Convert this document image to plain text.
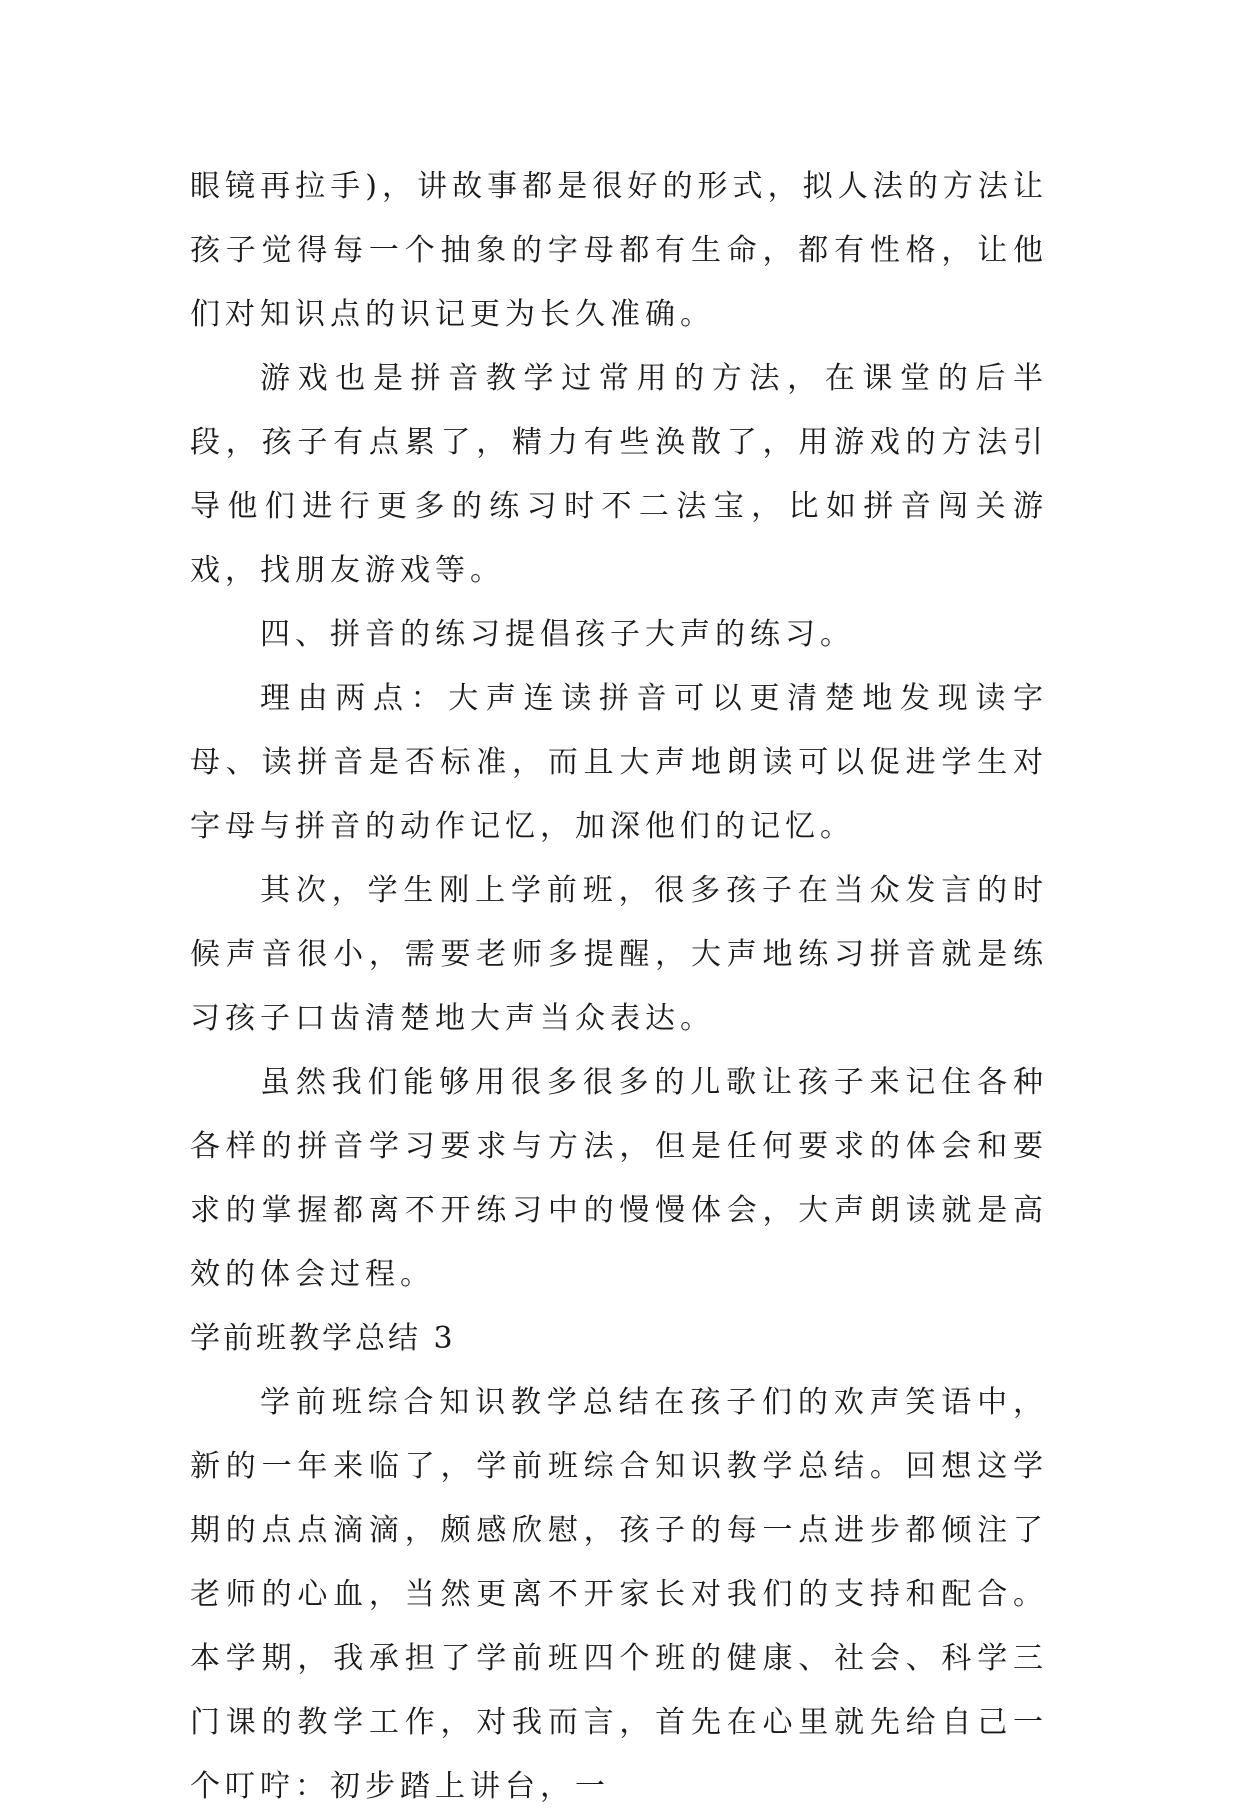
眼镜再拉手)，讲故事都是很好的形式，拟人法的方法让孩子觉得每一个抽象的字母都有生命，都有性格，让他们对知识点的识记更为长久准确。

游戏也是拼音教学过常用的方法，在课堂的后半段，孩子有点累了，精力有些涣散了，用游戏的方法引导他们进行更多的练习时不二法宝，比如拼音闯关游戏，找朋友游戏等。

四、拼音的练习提倡孩子大声的练习。

理由两点：大声连读拼音可以更清楚地发现读字母、读拼音是否标准，而且大声地朗读可以促进学生对字母与拼音的动作记忆，加深他们的记忆。

其次，学生刚上学前班，很多孩子在当众发言的时候声音很小，需要老师多提醒，大声地练习拼音就是练习孩子口齿清楚地大声当众表达。

虽然我们能够用很多很多的儿歌让孩子来记住各种各样的拼音学习要求与方法，但是任何要求的体会和要求的掌握都离不开练习中的慢慢体会，大声朗读就是高效的体会过程。

学前班教学总结 3

学前班综合知识教学总结在孩子们的欢声笑语中，新的一年来临了，学前班综合知识教学总结。回想这学期的点点滴滴，颇感欣慰，孩子的每一点进步都倾注了老师的心血，当然更离不开家长对我们的支持和配合。本学期，我承担了学前班四个班的健康、社会、科学三门课的教学工作，对我而言，首先在心里就先给自己一个叮咛：初步踏上讲台，一
